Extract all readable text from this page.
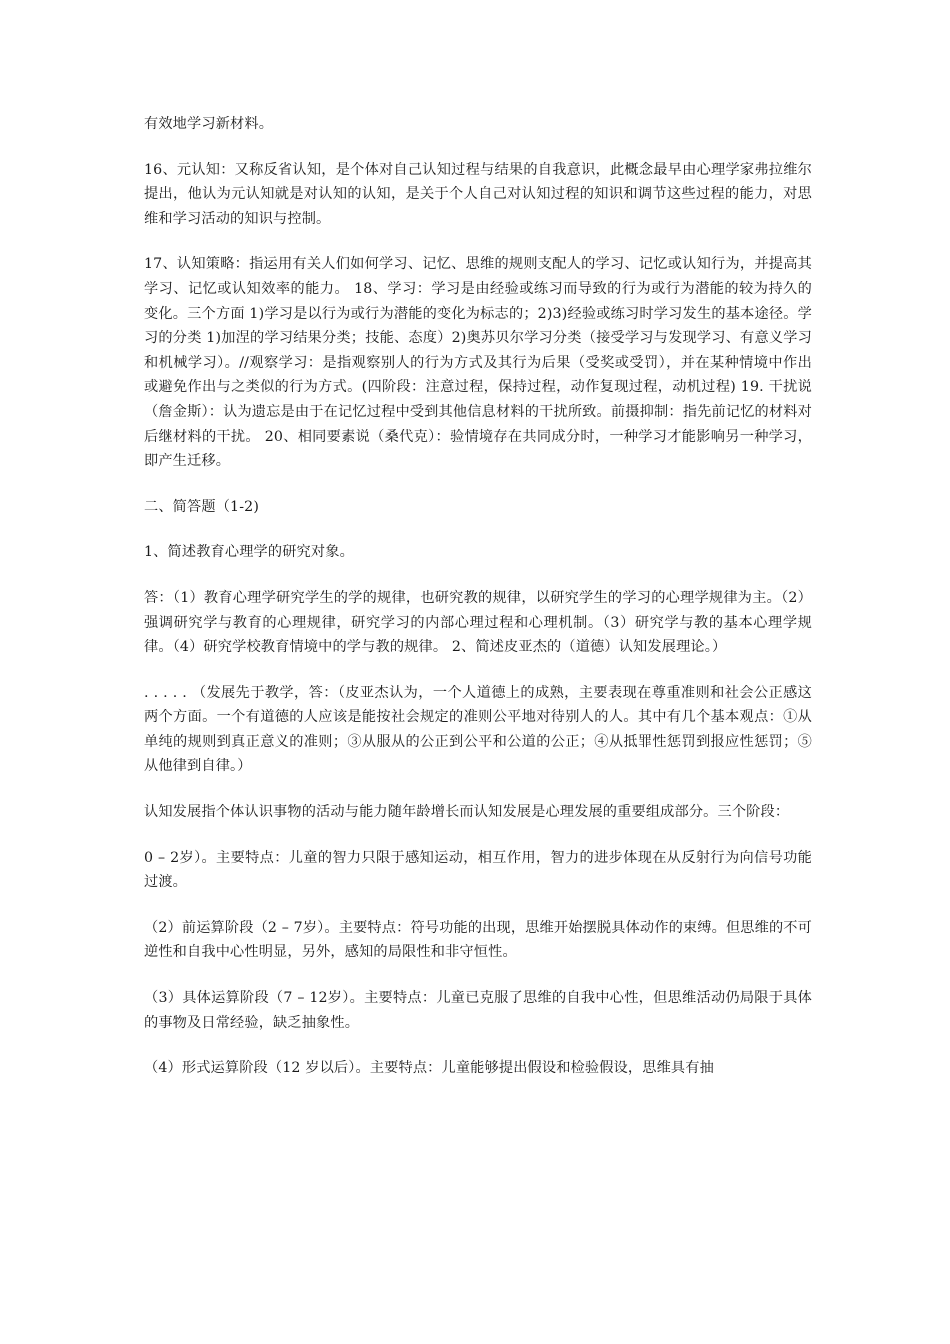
有效地学习新材料。

16、元认知：又称反省认知，是个体对自己认知过程与结果的自我意识，此概念最早由心理学家弗拉维尔提出，他认为元认知就是对认知的认知，是关于个人自己对认知过程的知识和调节这些过程的能力，对思维和学习活动的知识与控制。

17、认知策略：指运用有关人们如何学习、记忆、思维的规则支配人的学习、记忆或认知行为，并提高其学习、记忆或认知效率的能力。 18、学习：学习是由经验或练习而导致的行为或行为潜能的较为持久的变化。三个方面 1)学习是以行为或行为潜能的变化为标志的；2)3)经验或练习时学习发生的基本途径。学习的分类 1)加涅的学习结果分类；技能、态度）2)奥苏贝尔学习分类（接受学习与发现学习、有意义学习和机械学习）。//观察学习：是指观察别人的行为方式及其行为后果（受奖或受罚），并在某种情境中作出或避免作出与之类似的行为方式。(四阶段：注意过程，保持过程，动作复现过程，动机过程) 19. 干扰说（詹金斯）：认为遗忘是由于在记忆过程中受到其他信息材料的干扰所致。前摄抑制：指先前记忆的材料对后继材料的干扰。 20、相同要素说（桑代克）：验情境存在共同成分时，一种学习才能影响另一种学习，即产生迁移。

二、简答题（1-2)

1、简述教育心理学的研究对象。

答：（1）教育心理学研究学生的学的规律，也研究教的规律，以研究学生的学习的心理学规律为主。（2）强调研究学与教育的心理规律，研究学习的内部心理过程和心理机制。（3）研究学与教的基本心理学规律。（4）研究学校教育情境中的学与教的规律。 2、简述皮亚杰的（道德）认知发展理论。）

. . . . . （发展先于教学，答：（皮亚杰认为，一个人道德上的成熟，主要表现在尊重准则和社会公正感这两个方面。一个有道德的人应该是能按社会规定的准则公平地对待别人的人。其中有几个基本观点：①从单纯的规则到真正意义的准则；③从服从的公正到公平和公道的公正；④从抵罪性惩罚到报应性惩罚；⑤从他律到自律。）

认知发展指个体认识事物的活动与能力随年龄增长而认知发展是心理发展的重要组成部分。三个阶段：

0 – 2岁）。主要特点：儿童的智力只限于感知运动，相互作用，智力的进步体现在从反射行为向信号功能过渡。

（2）前运算阶段（2 – 7岁）。主要特点：符号功能的出现，思维开始摆脱具体动作的束缚。但思维的不可逆性和自我中心性明显，另外，感知的局限性和非守恒性。

（3）具体运算阶段（7 – 12岁）。主要特点：儿童已克服了思维的自我中心性，但思维活动仍局限于具体的事物及日常经验，缺乏抽象性。

（4）形式运算阶段（12 岁以后）。主要特点：儿童能够提出假设和检验假设，思维具有抽
